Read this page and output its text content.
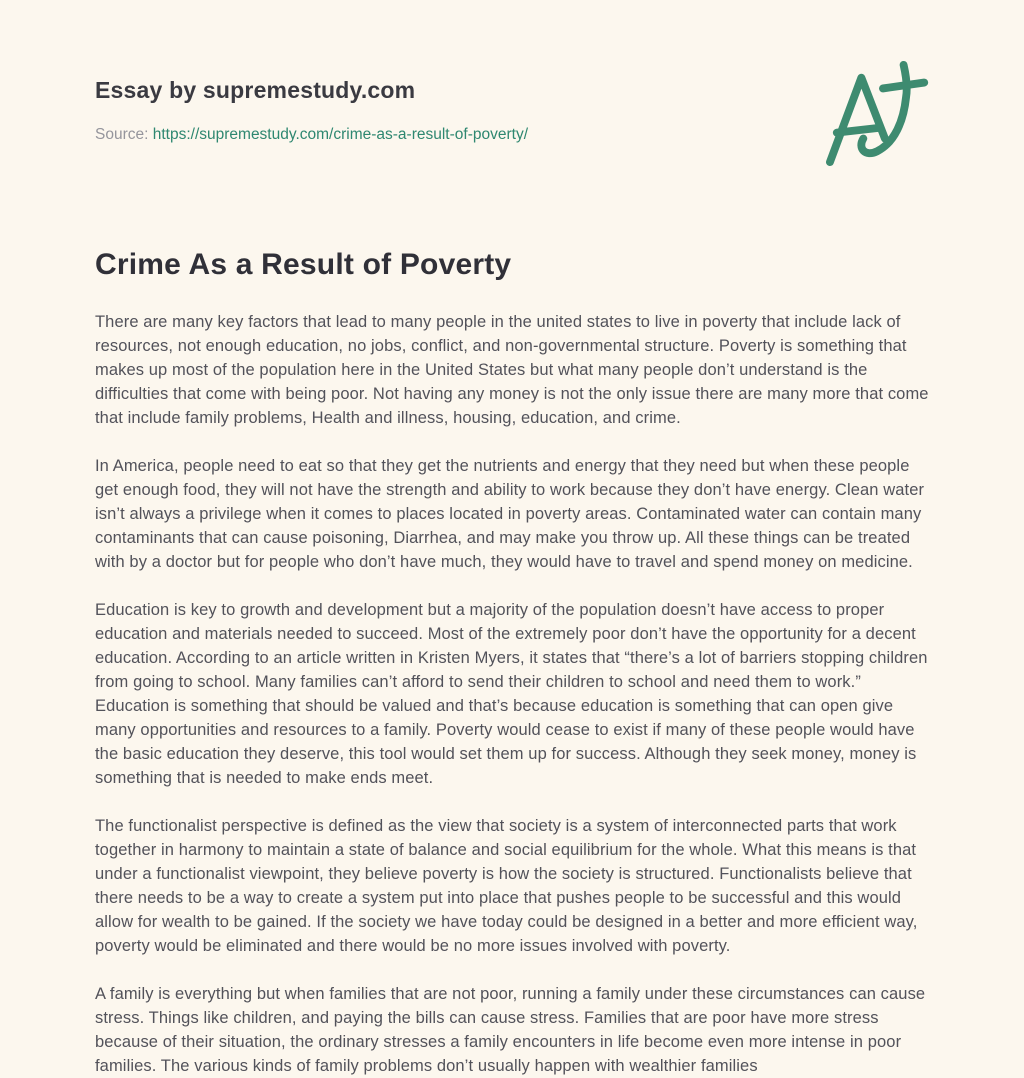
Essay by supremestudy.com
Source: https://supremestudy.com/crime-as-a-result-of-poverty/
Crime As a Result of Poverty

There are many key factors that lead to many people in the united states to live in poverty that include lack of resources, not enough education, no jobs, conflict, and non-governmental structure. Poverty is something that makes up most of the population here in the United States but what many people don’t understand is the difficulties that come with being poor. Not having any money is not the only issue there are many more that come that include family problems, Health and illness, housing, education, and crime.

In America, people need to eat so that they get the nutrients and energy that they need but when these people get enough food, they will not have the strength and ability to work because they don’t have energy. Clean water isn’t always a privilege when it comes to places located in poverty areas. Contaminated water can contain many contaminants that can cause poisoning, Diarrhea, and may make you throw up. All these things can be treated with by a doctor but for people who don’t have much, they would have to travel and spend money on medicine.

Education is key to growth and development but a majority of the population doesn’t have access to proper education and materials needed to succeed. Most of the extremely poor don’t have the opportunity for a decent education. According to an article written in Kristen Myers, it states that “there’s a lot of barriers stopping children from going to school. Many families can’t afford to send their children to school and need them to work.” Education is something that should be valued and that’s because education is something that can open give many opportunities and resources to a family. Poverty would cease to exist if many of these people would have the basic education they deserve, this tool would set them up for success. Although they seek money, money is something that is needed to make ends meet.

The functionalist perspective is defined as the view that society is a system of interconnected parts that work together in harmony to maintain a state of balance and social equilibrium for the whole. What this means is that under a functionalist viewpoint, they believe poverty is how the society is structured. Functionalists believe that there needs to be a way to create a system put into place that pushes people to be successful and this would allow for wealth to be gained. If the society we have today could be designed in a better and more efficient way, poverty would be eliminated and there would be no more issues involved with poverty.

A family is everything but when families that are not poor, running a family under these circumstances can cause stress. Things like children, and paying the bills can cause stress. Families that are poor have more stress because of their situation, the ordinary stresses a family encounters in life become even more intense in poor families. The various kinds of family problems don’t usually happen with wealthier families
